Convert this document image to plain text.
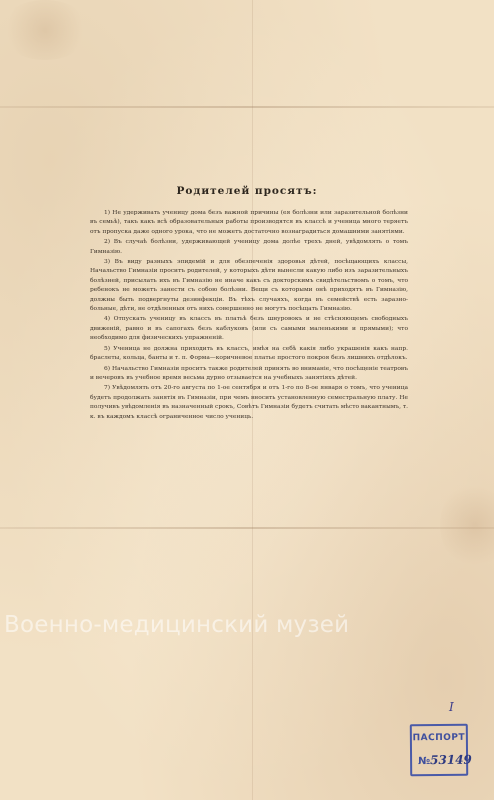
Родителей просятъ:

1) Не удерживать ученицу дома безъ важной причины (ея болѣзни или заразительной болѣзни въ семьѣ), такъ какъ всѣ образовательныя работы производятся въ классѣ и ученица много теряетъ отъ пропуска даже одного урока, что не можетъ достаточно вознаградиться домашними занятіями.

2) Въ случаѣ болѣзни, удерживающей ученицу дома долѣе трехъ дней, увѣдомлять о томъ Гимназію.

3) Въ виду разныхъ эпидемій и для обезпеченія здоровья дѣтей, посѣщающихъ классы, Начальство Гимназіи проситъ родителей, у которыхъ дѣти вынесли какую либо изъ заразительныхъ болѣзней, присылать ихъ въ Гимназію не иначе какъ съ докторскимъ свидѣтельствомъ о томъ, что ребенокъ не можетъ занести съ собою болѣзни. Вещи съ которыми онѣ приходятъ въ Гимназію, должны быть подвергнуты дезинфекціи. Въ тѣхъ случаяхъ, когда въ семействѣ есть заразно-больные, дѣти, не отдѣленныя отъ нихъ совершенно не могутъ посѣщать Гимназію.

4) Отпускать ученицу въ классъ въ платьѣ безъ шнуровокъ и не стѣсняющемъ свободныхъ движеній, равно и въ сапогахъ безъ каблуковъ (или съ самыми маленькими и прямыми); что необходимо для физическихъ упражненій.

5) Ученица не должна приходить въ классъ, имѣя на себѣ какія либо украшенія какъ напр. браслеты, кольца, банты и т. п. Форма—коричневое платье простого покроя безъ лишнихъ отдѣлокъ.

6) Начальство Гимназіи проситъ также родителей принять во вниманіе, что посѣщеніе театровъ и вечеровъ въ учебное время весьма дурно отзывается на учебныхъ занятіяхъ дѣтей.

7) Увѣдомлять отъ 20-го августа по 1-ое сентября и отъ 1-го по 8-ое января о томъ, что ученица будетъ продолжать занятія въ Гимназіи, при чемъ вносить установленную семестральную плату. Не получивъ увѣдомленія въ назначенный срокъ, Совѣтъ Гимназіи будетъ считать мѣсто вакантнымъ, т. к. въ каждомъ классѣ ограниченное число учениць.

Военно-медицинский музей
I
ПАСПОРТ
№53149
